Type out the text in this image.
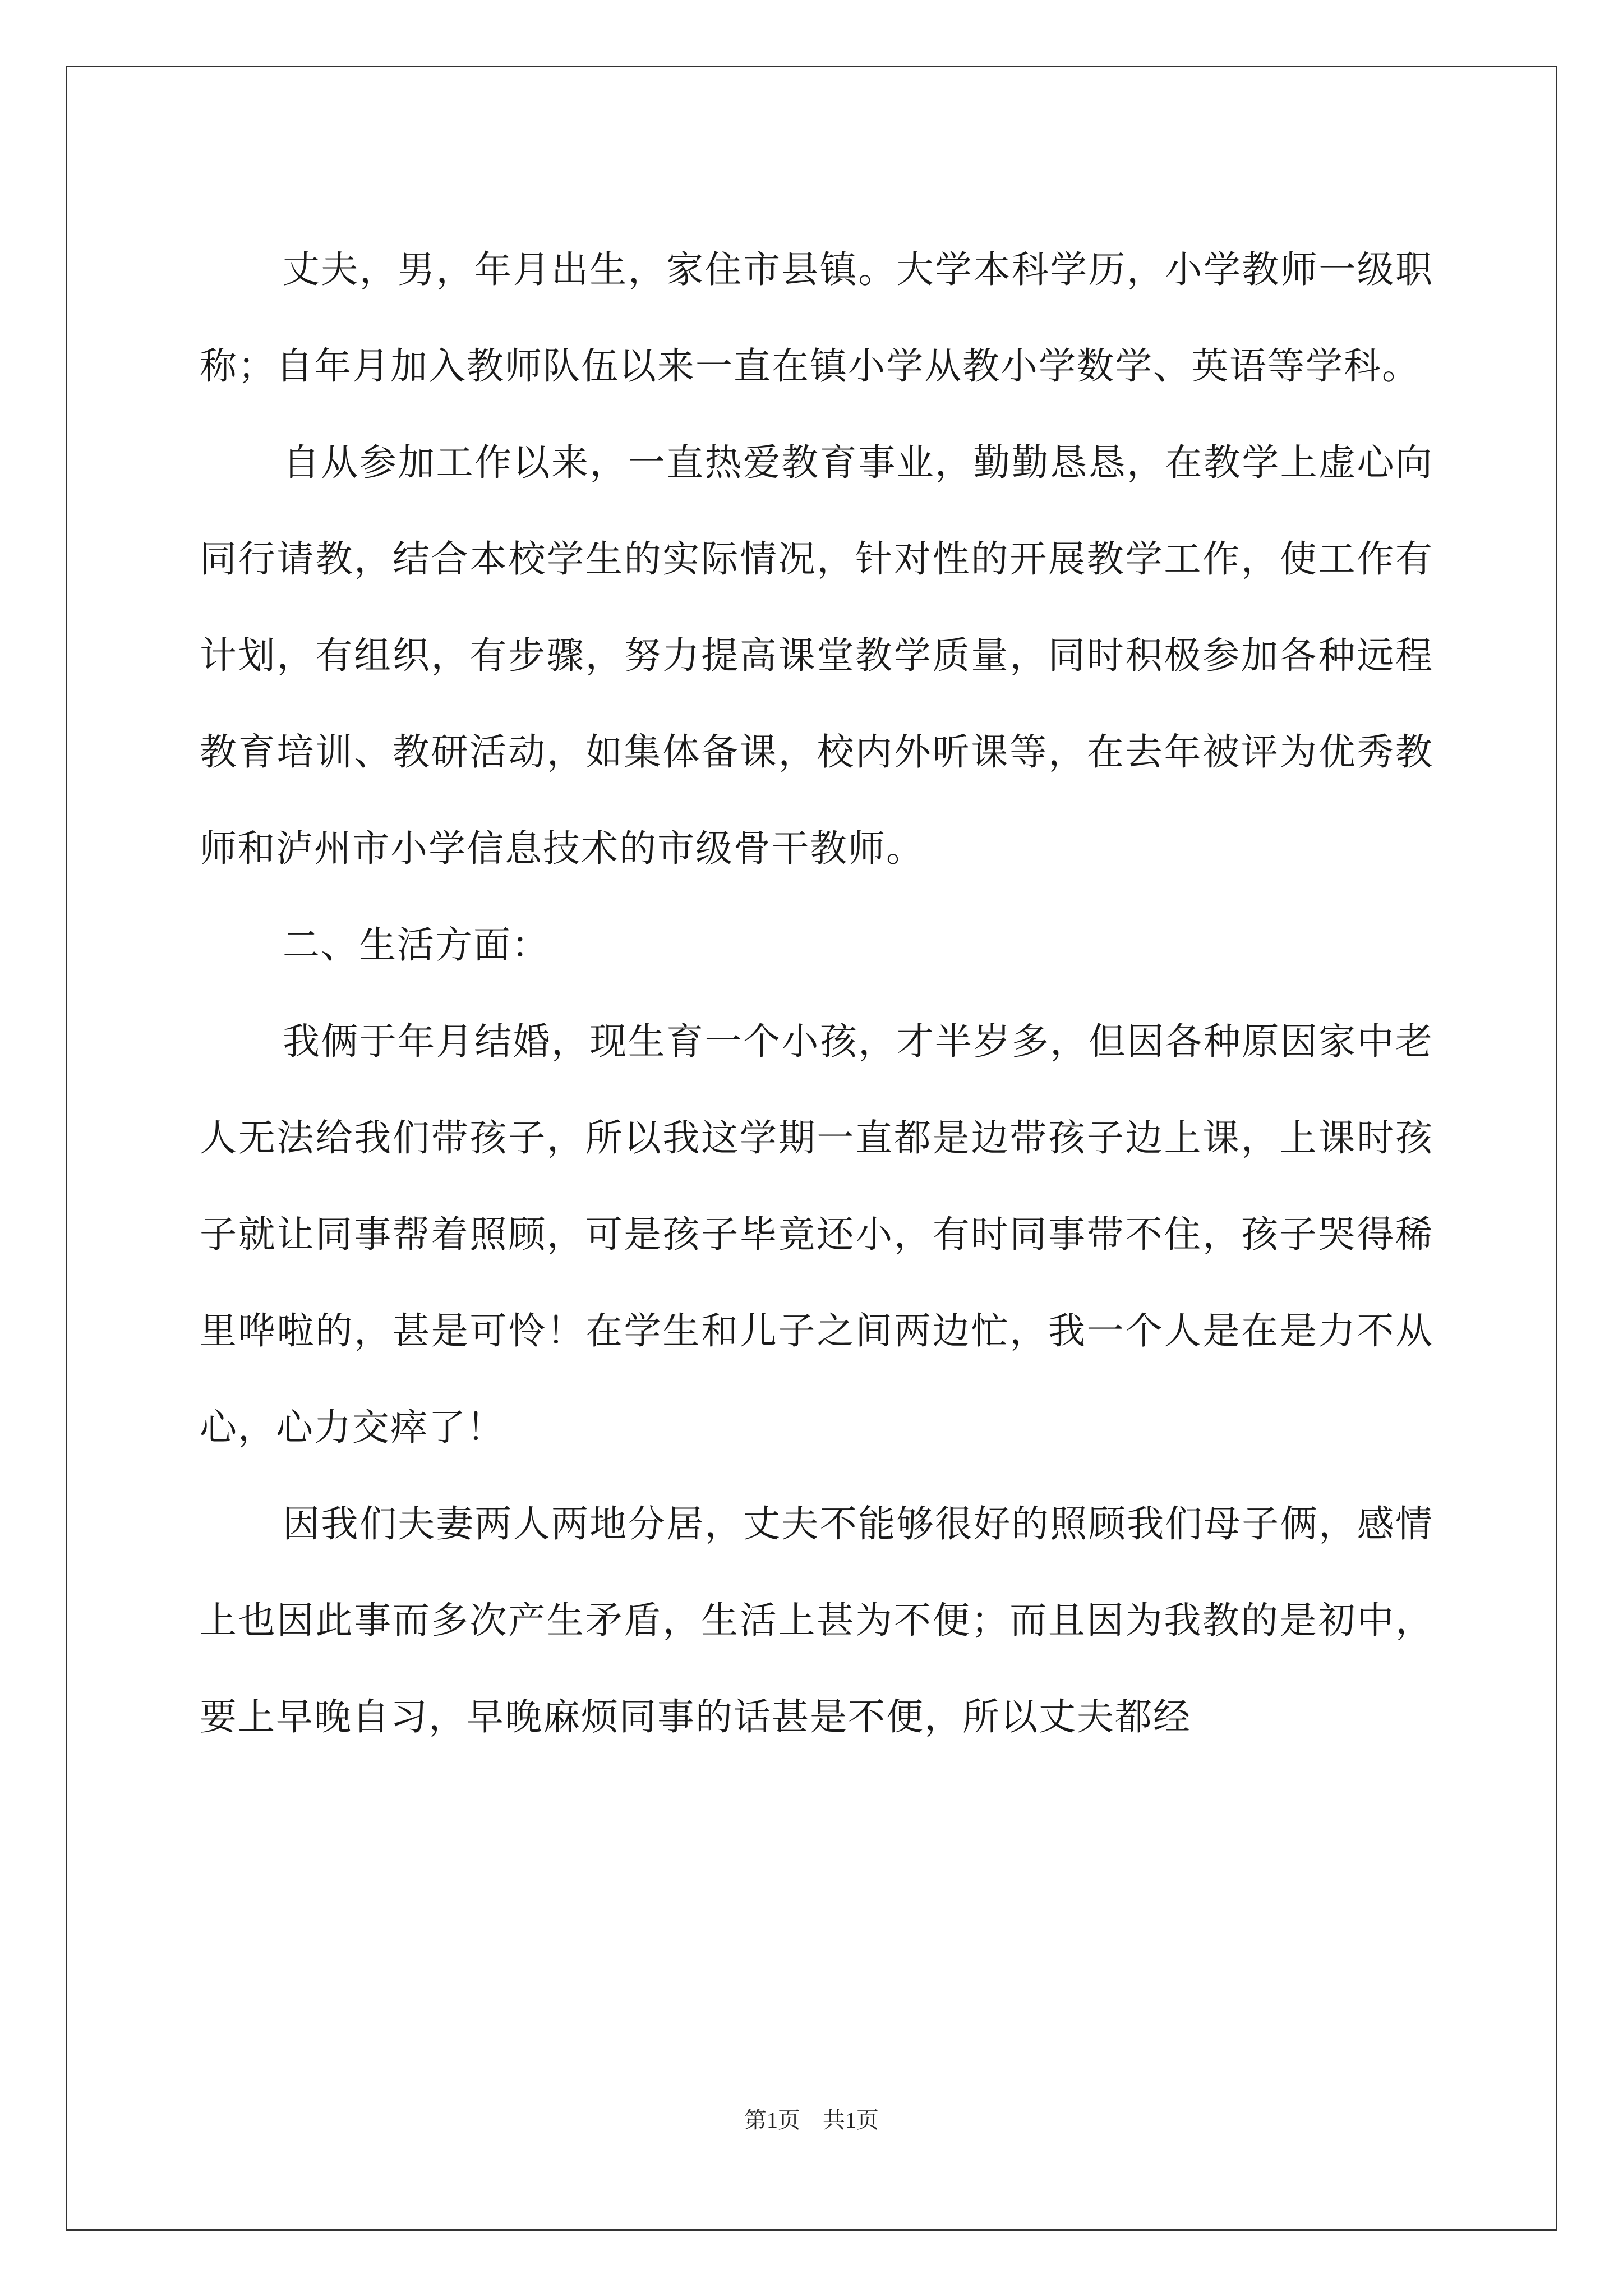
丈夫，男，年月出生，家住市县镇。大学本科学历，小学教师一级职称；自年月加入教师队伍以来一直在镇小学从教小学数学、英语等学科。

自从参加工作以来，一直热爱教育事业，勤勤恳恳，在教学上虚心向同行请教，结合本校学生的实际情况，针对性的开展教学工作，使工作有计划，有组织，有步骤，努力提高课堂教学质量，同时积极参加各种远程教育培训、教研活动，如集体备课，校内外听课等，在去年被评为优秀教师和泸州市小学信息技术的市级骨干教师。

二、生活方面：

我俩于年月结婚，现生育一个小孩，才半岁多，但因各种原因家中老人无法给我们带孩子，所以我这学期一直都是边带孩子边上课，上课时孩子就让同事帮着照顾，可是孩子毕竟还小，有时同事带不住，孩子哭得稀里哗啦的，甚是可怜！在学生和儿子之间两边忙，我一个人是在是力不从心，心力交瘁了！

因我们夫妻两人两地分居，丈夫不能够很好的照顾我们母子俩，感情上也因此事而多次产生矛盾，生活上甚为不便；而且因为我教的是初中，要上早晚自习，早晚麻烦同事的话甚是不便，所以丈夫都经

第1页 共1页
